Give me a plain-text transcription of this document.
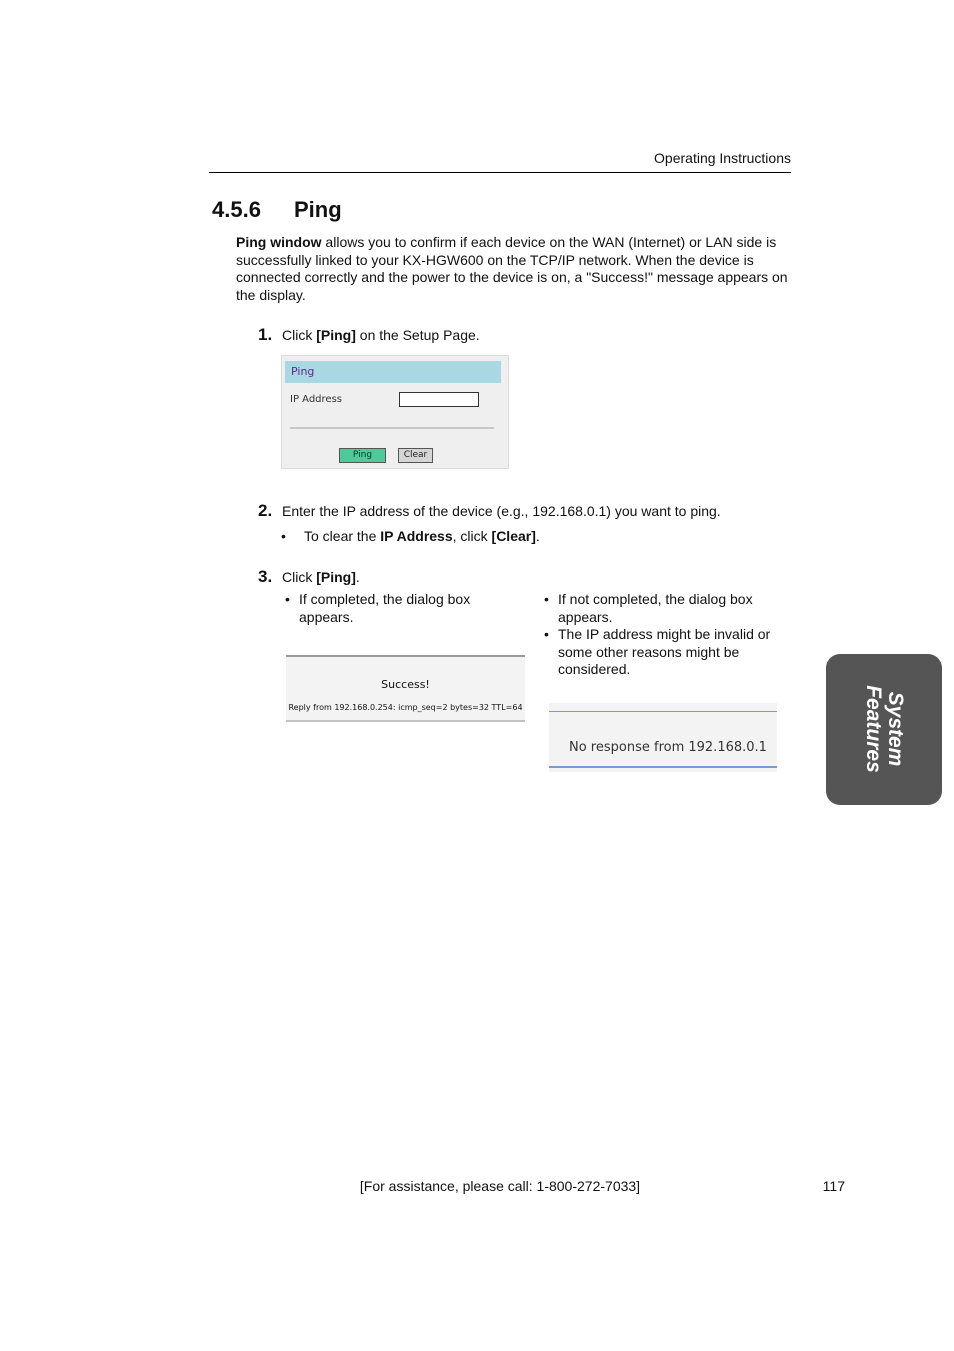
Operating Instructions
4.5.6 Ping
Ping window allows you to confirm if each device on the WAN (Internet) or LAN side is successfully linked to your KX-HGW600 on the TCP/IP network. When the device is connected correctly and the power to the device is on, a "Success!" message appears on the display.
1. Click [Ping] on the Setup Page.
Ping
IP Address
Ping	Clear
2. Enter the IP address of the device (e.g., 192.168.0.1) you want to ping.
• To clear the IP Address, click [Clear].
3. Click [Ping].
• If completed, the dialog box appears.
• If not completed, the dialog box appears.
• The IP address might be invalid or some other reasons might be considered.
Success!
Reply from 192.168.0.254: icmp_seq=2 bytes=32 TTL=64
No response from 192.168.0.1	System
Features
[For assistance, please call: 1-800-272-7033]	117
